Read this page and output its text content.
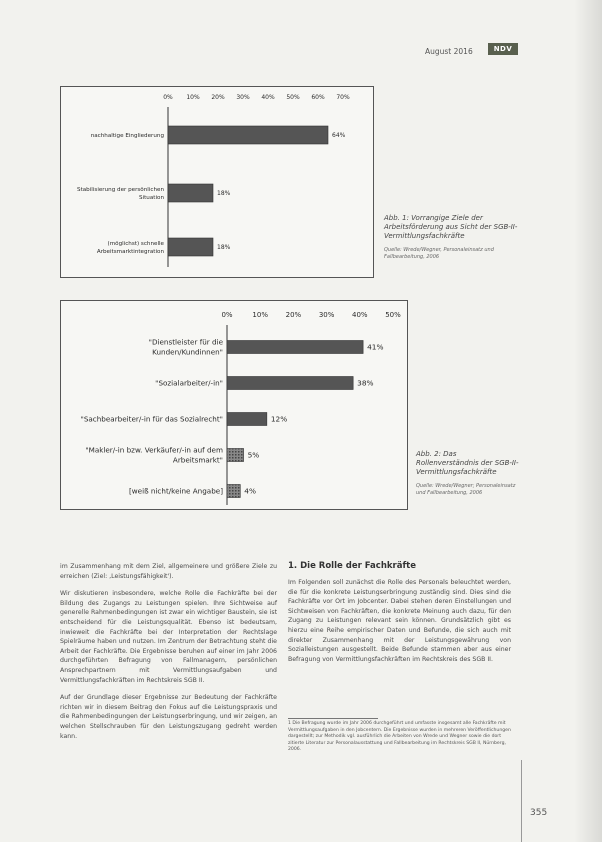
August 2016	NDV
0% 10% 20% 30% 40% 50% 60% 70%
nachhaltige Eingliederung	64%
Stabilisierung der persönlichen
Situation
18%
(möglichst) schnelle
Arbeitsmarktintegration
18%
Abb. 1: Vorrangige Ziele der Arbeitsförderung aus Sicht der SGB-II-Vermittlungsfachkräfte
Quelle: Wrede/Wegner, Personaleinsatz und Fallbearbeitung, 2006
0%	10%	20%	30%	40%	50%
"Dienstleister für die
Kunden/Kundinnen"
41%
"Sozialarbeiter/-in"	38%
"Sachbearbeiter/-in für das Sozialrecht"	12%
"Makler/-in bzw. Verkäufer/-in auf dem
Arbeitsmarkt"
5%
[weiß nicht/keine Angabe]	4%
Abb. 2: Das Rollenverständnis der SGB-II-Vermittlungsfachkräfte
Quelle: Wrede/Wegner; Personaleinsatz und Fallbearbeitung, 2006

im Zusammenhang mit dem Ziel, allgemeinere und größere Ziele zu erreichen (Ziel: ‚Leistungsfähigkeit').

Wir diskutieren insbesondere, welche Rolle die Fachkräfte bei der Bildung des Zugangs zu Leistungen spielen. Ihre Sichtweise auf generelle Rahmenbedingungen ist zwar ein wichtiger Baustein, sie ist entscheidend für die Leistungsqualität. Ebenso ist bedeutsam, inwieweit die Fachkräfte bei der Interpretation der Rechtslage Spielräume haben und nutzen. Im Zentrum der Betrachtung steht die Arbeit der Fachkräfte. Die Ergebnisse beruhen auf einer im Jahr 2006 durchgeführten Befragung von Fallmanagern, persönlichen Ansprechpartnern mit Vermittlungsaufgaben und Vermittlungsfachkräften im Rechtskreis SGB II.

Auf der Grundlage dieser Ergebnisse zur Bedeutung der Fachkräfte richten wir in diesem Beitrag den Fokus auf die Leistungspraxis und die Rahmenbedingungen der Leistungserbringung, und wir zeigen, an welchen Stellschrauben für den Leistungszugang gedreht werden kann.

1. Die Rolle der Fachkräfte

Im Folgenden soll zunächst die Rolle des Personals beleuchtet werden, die für die konkrete Leistungserbringung zuständig sind. Dies sind die Fachkräfte vor Ort im Jobcenter. Dabei stehen deren Einstellungen und Sichtweisen von Fachkräften, die konkrete Meinung auch dazu, für den Zugang zu Leistungen relevant sein können. Grundsätzlich gibt es hierzu eine Reihe empirischer Daten und Befunde, die sich auch mit direkter Zusammenhang mit der Leistungsgewährung von Sozialleistungen ausgestellt. Beide Befunde stammen aber aus einer Befragung von Vermittlungsfachkräften im Rechtskreis des SGB II.

1 Die Befragung wurde im Jahr 2006 durchgeführt und umfasste insgesamt alle Fachkräfte mit Vermittlungsaufgaben in den Jobcentern. Die Ergebnisse wurden in mehreren Veröffentlichungen dargestellt; zur Methodik vgl. ausführlich die Arbeiten von Wrede und Wegner sowie die dort zitierte Literatur zur Personalausstattung und Fallbearbeitung im Rechtskreis SGB II, Nürnberg, 2006.
355
